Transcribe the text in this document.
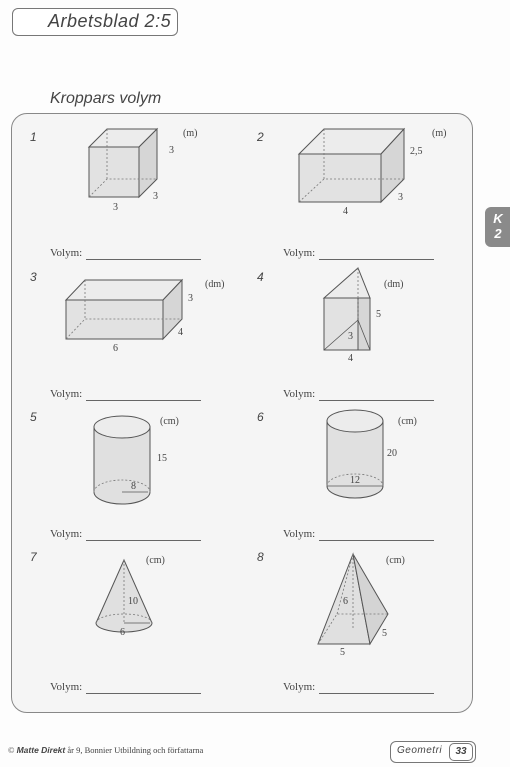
Arbetsblad 2:5
Kroppars volym
K
2
1	(m)
3
3
3
2	(m)
2,5
3
4
Volym:	Volym:
3
(dm)
3
4
6
4
(dm)
5
3
4
Volym:	Volym:
5	(cm)
15
8
6	(cm)
20
12
Volym:	Volym:
7	(cm)
10
6
8	(cm)
6
5
5
Volym:	Volym:
© Matte Direkt år 9, Bonnier Utbildning och författarna	Geometri	33
